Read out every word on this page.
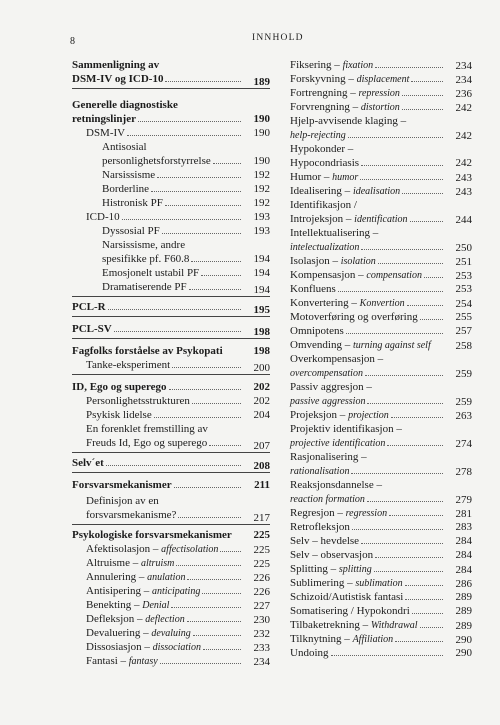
8	INNHOLD
Sammenligning av
DSM-IV og ICD-10	189
Generelle diagnostiske
retningslinjer	190
DSM-IV	190
Antisosial
personlighetsforstyrrelse	190
Narsissisme	192
Borderline	192
Histronisk PF	192
ICD-10	193
Dyssosial PF	193
Narsissisme, andre
spesifikke pf. F60.8	194
Emosjonelt ustabil PF	194
Dramatiserende PF	194
PCL-R	195
PCL-SV	198
Fagfolks forståelse av Psykopati	198
Tanke-eksperiment	200
ID, Ego og superego	202
Personlighetsstrukturen	202
Psykisk lidelse	204
En forenklet fremstilling av
Freuds Id, Ego og superego	207
Selv´et	208
Forsvarsmekanismer	211
Definisjon av en
forsvarsmekanisme?	217
Psykologiske forsvarsmekanismer 225
Afektisolasjon – affectisolation	225
Altruisme – altruism	225
Annulering – anulation	226
Antisipering – anticipating	226
Benekting – Denial	227
Defleksjon – deflection	230
Devaluering – devaluing	232
Dissosiasjon – dissociation	233
Fantasi – fantasy	234
Fiksering – fixation	234
Forskyvning – displacement	234
Fortrengning – repression	236
Forvrengning – distortion	242
Hjelp-avvisende klaging –
help-rejecting	242
Hypokonder –
Hypocondriasis	242
Humor – humor	243
Idealisering – idealisation	243
Identifikasjon /
Introjeksjon – identification	244
Intellektualisering –
intelectualization	250
Isolasjon – isolation	251
Kompensasjon – compensation	253
Konfluens	253
Konvertering – Konvertion	254
Motoverføring og overføring	255
Omnipotens	257
Omvending – turning against self 258
Overkompensasjon –
overcompensation	259
Passiv aggresjon –
passive aggression	259
Projeksjon – projection	263
Projektiv identifikasjon –
projective identification	274
Rasjonalisering –
rationalisation	278
Reaksjonsdannelse –
reaction formation	279
Regresjon – regression	281
Retrofleksjon	283
Selv – hevdelse	284
Selv – observasjon	284
Splitting – splitting	284
Sublimering – sublimation	286
Schizoid/Autistisk fantasi	289
Somatisering / Hypokondri	289
Tilbaketrekning – Withdrawal	289
Tilknytning – Affiliation	290
Undoing	290
